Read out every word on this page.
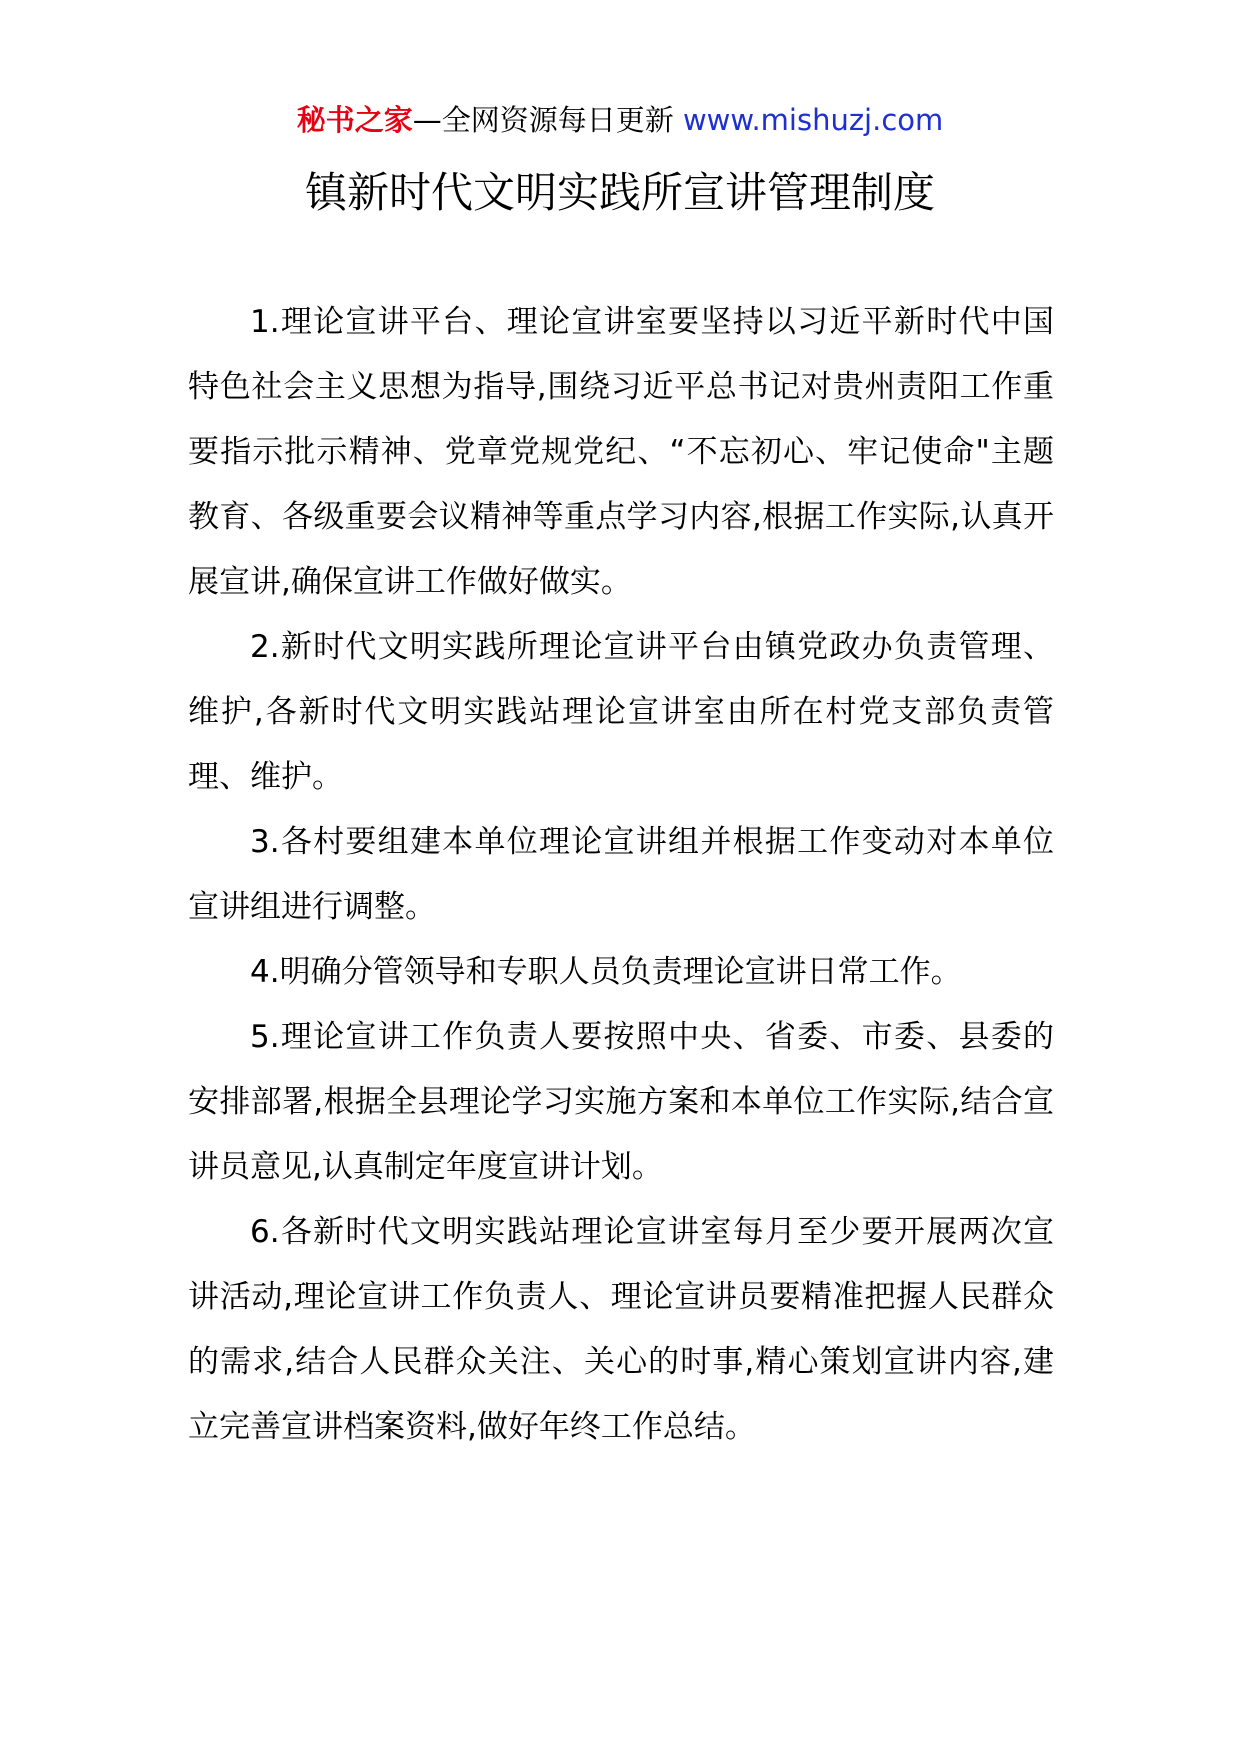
秘书之家—全网资源每日更新 www.mishuzj.com
镇新时代文明实践所宣讲管理制度

1.理论宣讲平台、理论宣讲室要坚持以习近平新时代中国特色社会主义思想为指导,围绕习近平总书记对贵州责阳工作重要指示批示精神、党章党规党纪、“不忘初心、牢记使命"主题教育、各级重要会议精神等重点学习内容,根据工作实际,认真开展宣讲,确保宣讲工作做好做实。

2.新时代文明实践所理论宣讲平台由镇党政办负责管理、维护,各新时代文明实践站理论宣讲室由所在村党支部负责管理、维护。

3.各村要组建本单位理论宣讲组并根据工作变动对本单位宣讲组进行调整。

4.明确分管领导和专职人员负责理论宣讲日常工作。

5.理论宣讲工作负责人要按照中央、省委、市委、县委的安排部署,根据全县理论学习实施方案和本单位工作实际,结合宣讲员意见,认真制定年度宣讲计划。

6.各新时代文明实践站理论宣讲室每月至少要开展两次宣讲活动,理论宣讲工作负责人、理论宣讲员要精准把握人民群众的需求,结合人民群众关注、关心的时事,精心策划宣讲内容,建立完善宣讲档案资料,做好年终工作总结。
